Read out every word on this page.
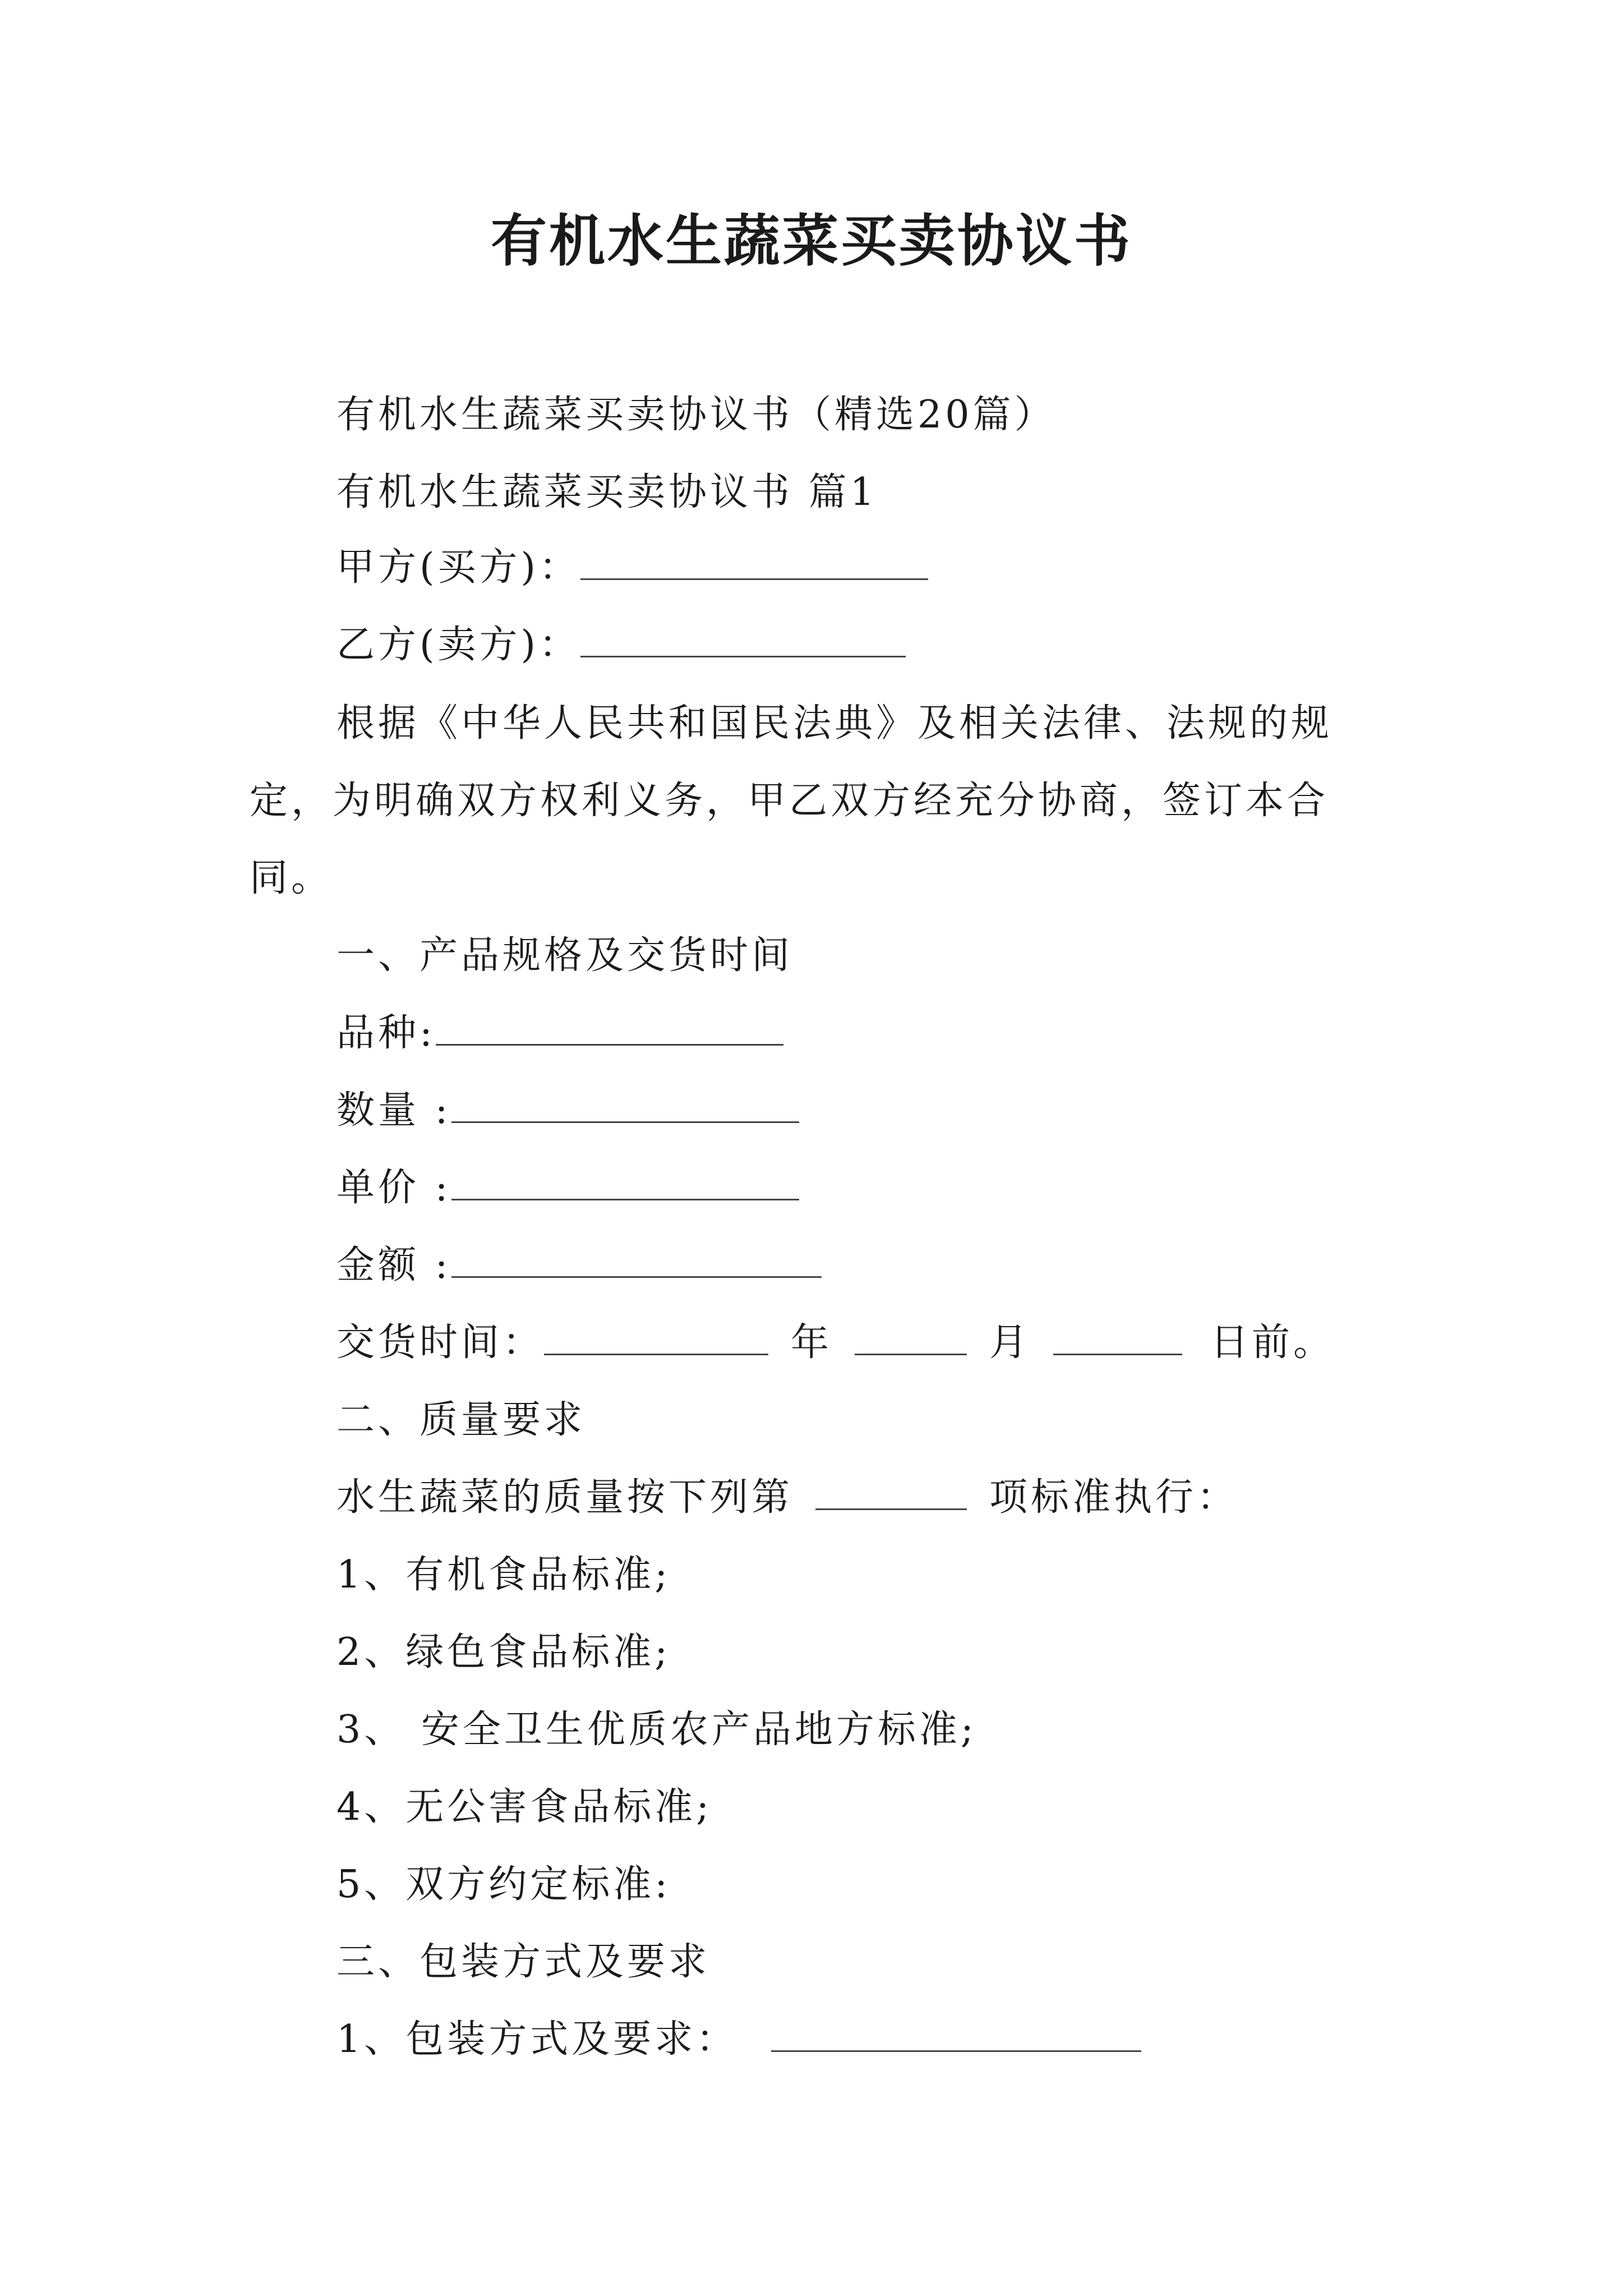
有机水生蔬菜买卖协议书

有机水生蔬菜买卖协议书（精选20篇）

有机水生蔬菜买卖协议书 篇1

甲方(买方)：

乙方(卖方)：

根据《中华人民共和国民法典》及相关法律、法规的规

定，为明确双方权利义务，甲乙双方经充分协商，签订本合

同。

一、产品规格及交货时间

品种:

数量 :

单价 :

金额 :

交货时间：	年	月	日前。

二、质量要求

水生蔬菜的质量按下列第	项标准执行：

1、有机食品标准;

2、绿色食品标准;

3、 安全卫生优质农产品地方标准;

4、无公害食品标准;

5、双方约定标准:

三、包装方式及要求

1、包装方式及要求：
